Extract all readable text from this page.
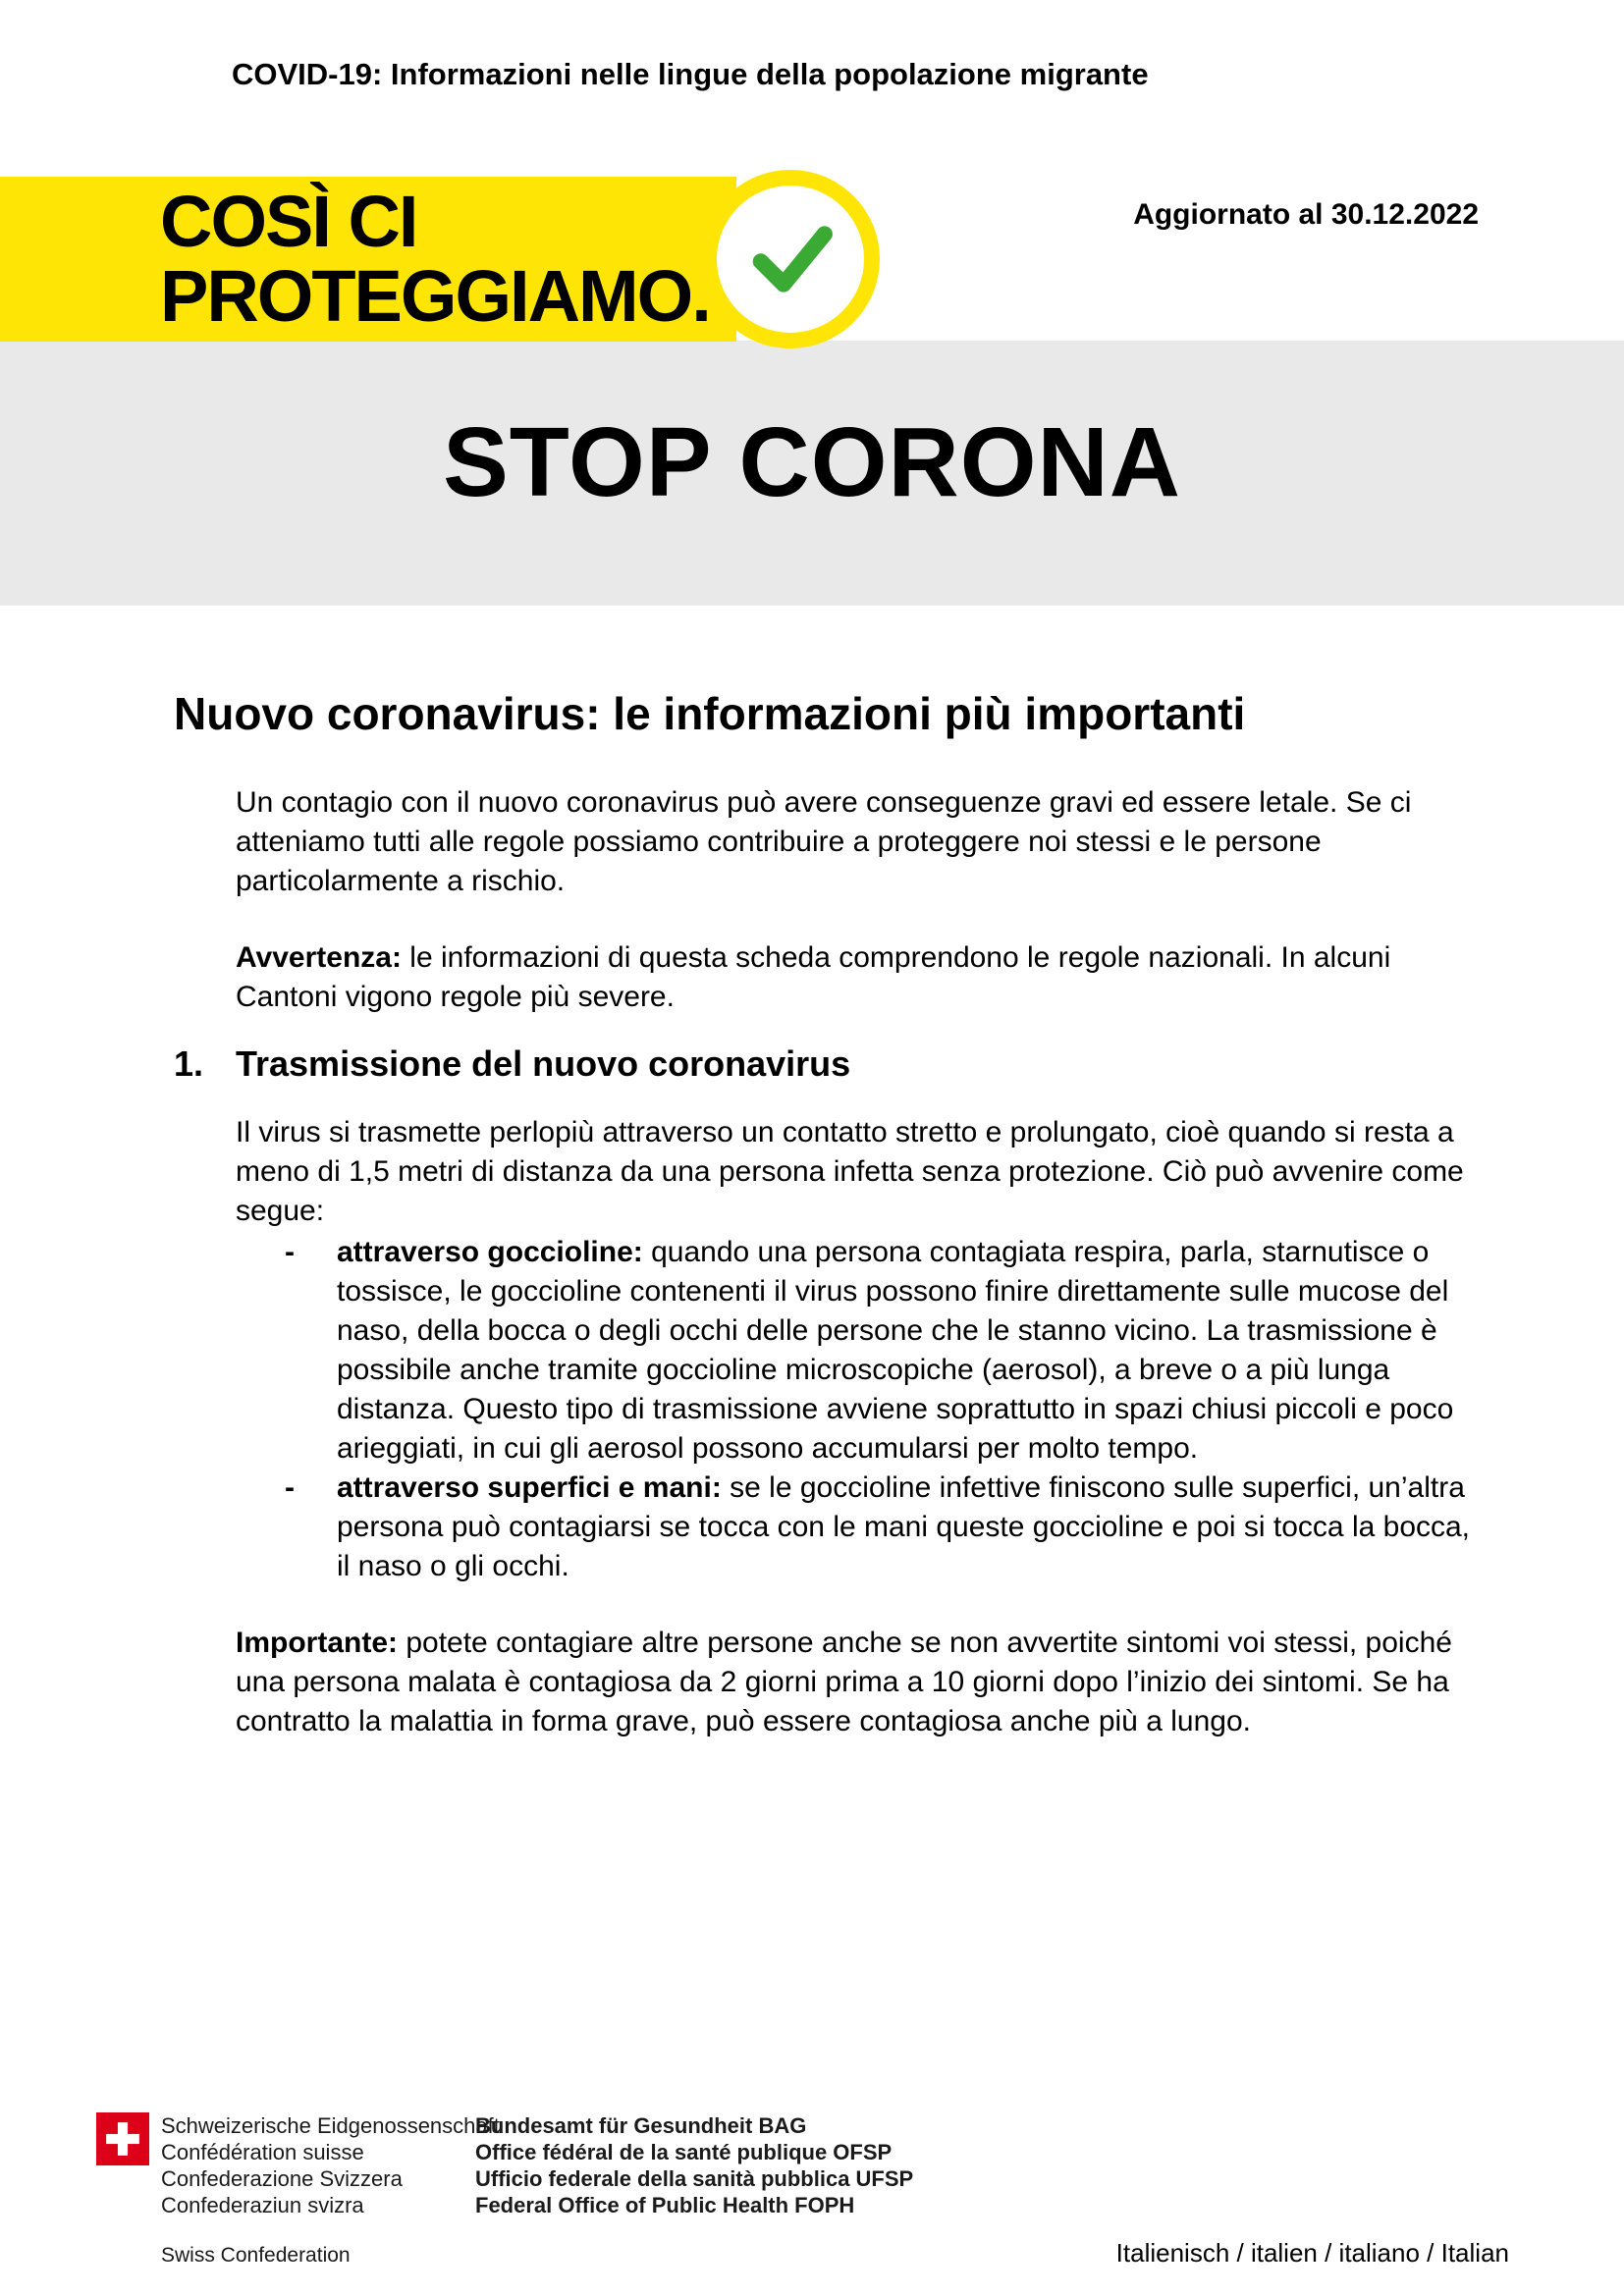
COVID-19: Informazioni nelle lingue della popolazione migrante
Aggiornato al 30.12.2022
STOP CORONA
COSÌ CI
PROTEGGIAMO.
Nuovo coronavirus: le informazioni più importanti

Un contagio con il nuovo coronavirus può avere conseguenze gravi ed essere letale. Se ci atteniamo tutti alle regole possiamo contribuire a proteggere noi stessi e le persone particolarmente a rischio.

Avvertenza: le informazioni di questa scheda comprendono le regole nazionali. In alcuni Cantoni vigono regole più severe.

1. Trasmissione del nuovo coronavirus

Il virus si trasmette perlopiù attraverso un contatto stretto e prolungato, cioè quando si resta a meno di 1,5 metri di distanza da una persona infetta senza protezione. Ciò può avvenire come segue:

-	attraverso goccioline: quando una persona contagiata respira, parla, starnutisce o tossisce, le goccioline contenenti il virus possono finire direttamente sulle mucose del naso, della bocca o degli occhi delle persone che le stanno vicino. La trasmissione è possibile anche tramite goccioline microscopiche (aerosol), a breve o a più lunga distanza. Questo tipo di trasmissione avviene soprattutto in spazi chiusi piccoli e poco arieggiati, in cui gli aerosol possono accumularsi per molto tempo.
-	attraverso superfici e mani: se le goccioline infettive finiscono sulle superfici, un’altra persona può contagiarsi se tocca con le mani queste goccioline e poi si tocca la bocca, il naso o gli occhi.

Importante: potete contagiare altre persone anche se non avvertite sintomi voi stessi, poiché una persona malata è contagiosa da 2 giorni prima a 10 giorni dopo l’inizio dei sintomi. Se ha contratto la malattia in forma grave, può essere contagiosa anche più a lungo.

Schweizerische Eidgenossenschaft
Confédération suisse
Confederazione Svizzera
Confederaziun svizra
Bundesamt für Gesundheit BAG
Office fédéral de la santé publique OFSP
Ufficio federale della sanità pubblica UFSP
Federal Office of Public Health FOPH
Swiss Confederation	Italienisch / italien / italiano / Italian
